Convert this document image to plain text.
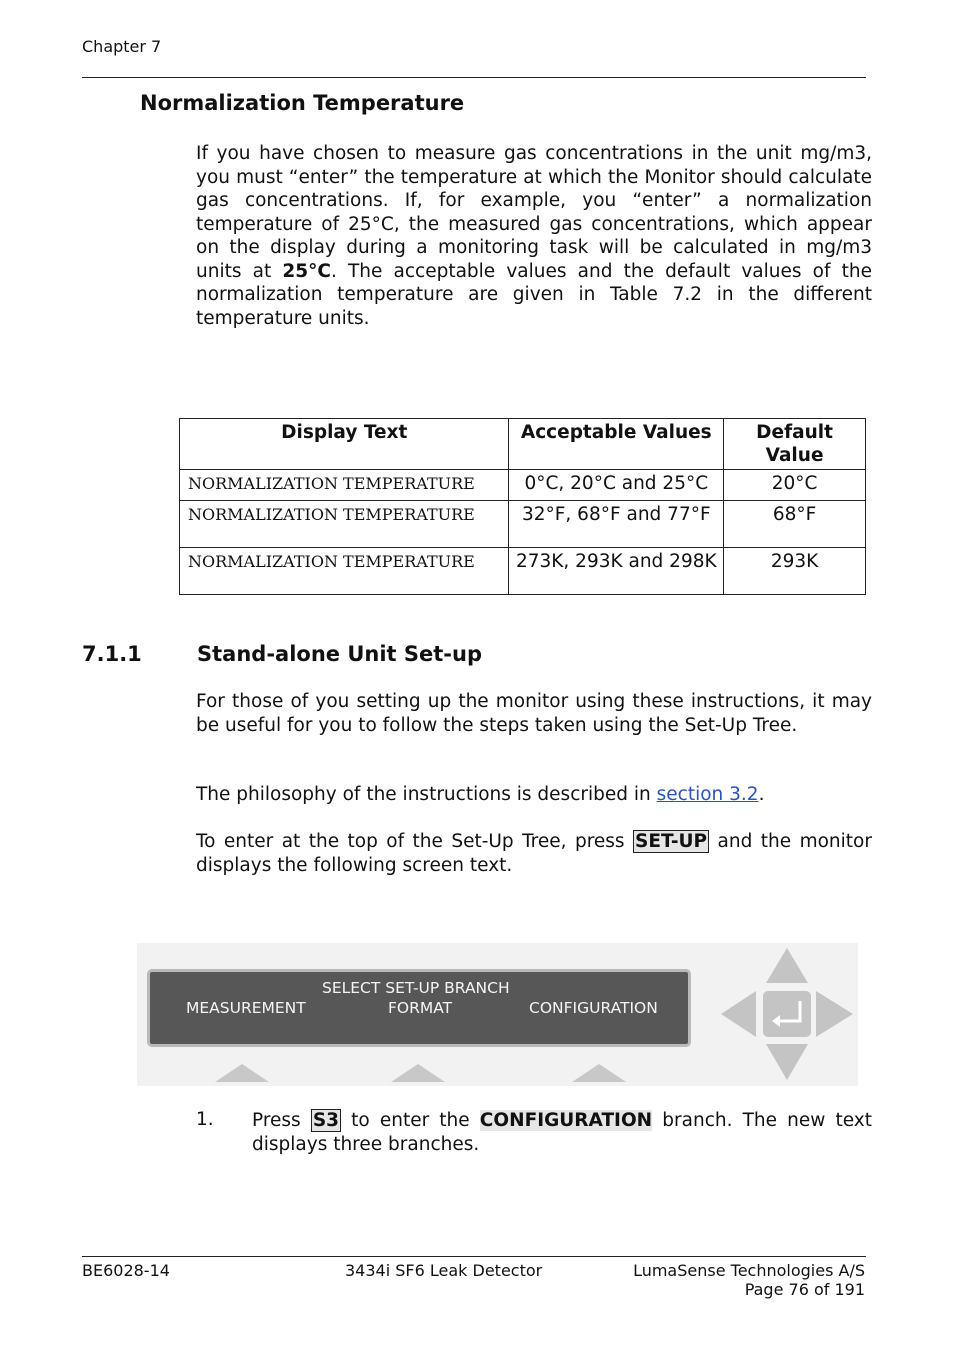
Chapter 7
Normalization Temperature
If you have chosen to measure gas concentrations in the unit mg/m3, you must “enter” the temperature at which the Monitor should calculate gas concentrations. If, for example, you “enter” a normalization temperature of 25°C, the measured gas concentrations, which appear on the display during a monitoring task will be calculated in mg/m3 units at 25°C. The acceptable values and the default values of the normalization temperature are given in Table 7.2 in the different temperature units.
Display Text	Acceptable Values	Default Value
NORMALIZATION TEMPERATURE	0°C, 20°C and 25°C	20°C
NORMALIZATION TEMPERATURE	32°F, 68°F and 77°F	68°F
NORMALIZATION TEMPERATURE	273K, 293K and 298K	293K
7.1.1	Stand-alone Unit Set-up
For those of you setting up the monitor using these instructions, it may be useful for you to follow the steps taken using the Set-Up Tree.
The philosophy of the instructions is described in section 3.2.
To enter at the top of the Set-Up Tree, press SET-UP and the monitor displays the following screen text.
SELECT SET-UP BRANCH
MEASUREMENT	FORMAT	CONFIGURATION
1. Press S3 to enter the CONFIGURATION branch. The new text displays three branches.
BE6028-14	3434i SF6 Leak Detector	LumaSense Technologies A/S
Page 76 of 191
